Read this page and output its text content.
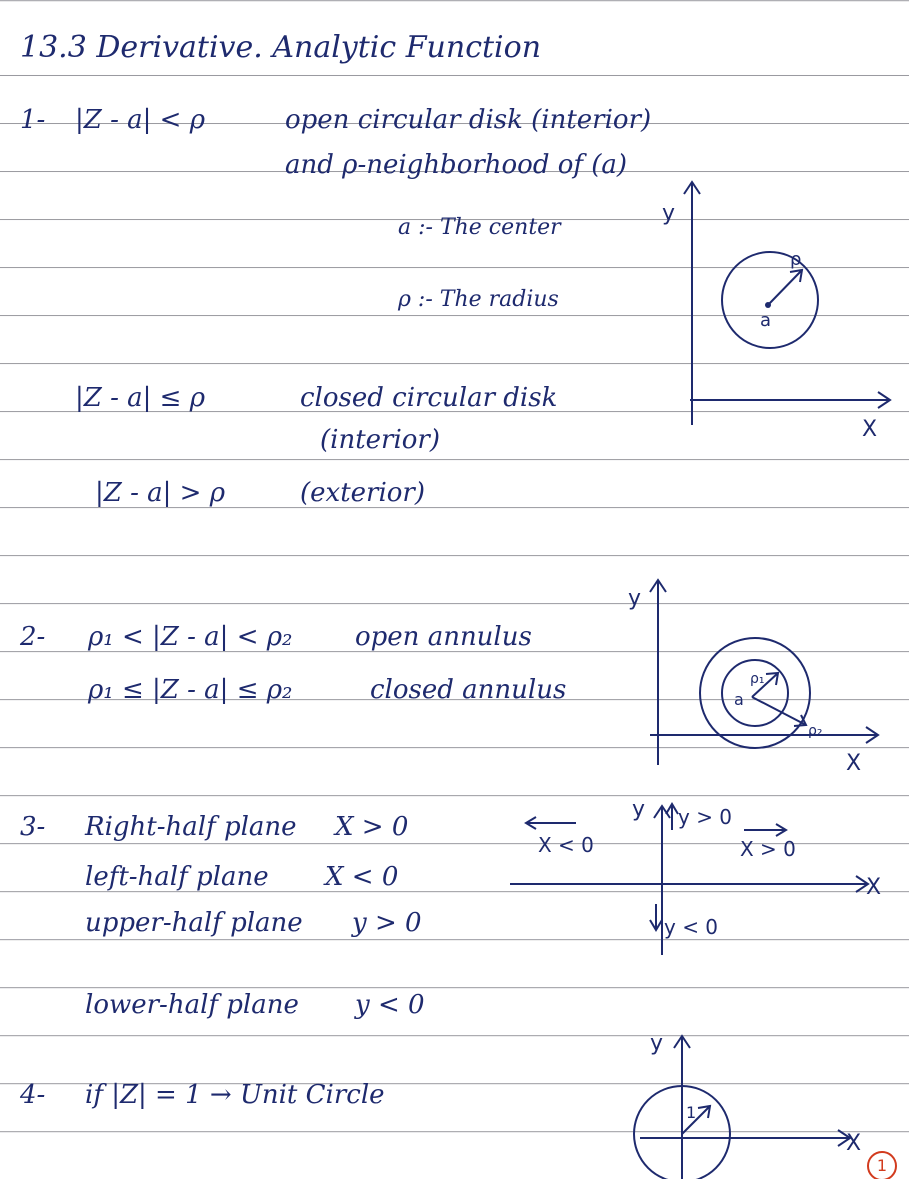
13.3 Derivative. Analytic Function
1- |Z - a| < ρ	open circular disk (interior)
and ρ-neighborhood of (a)
a :- The center
ρ :- The radius
|Z - a| ≤ ρ	closed circular disk
(interior)
|Z - a| > ρ	(exterior)
y
X
a
ρ
2- ρ₁ < |Z - a| < ρ₂ open annulus
ρ₁ ≤ |Z - a| ≤ ρ₂	closed annulus
y
X
a
ρ₁
ρ₂
3- Right-half plane X > 0
left-half plane X < 0
upper-half plane y > 0
lower-half plane y < 0
X
y y > 0
X < 0	X > 0
y < 0
4- if |Z| = 1 → Unit Circle
X
y
1
1
